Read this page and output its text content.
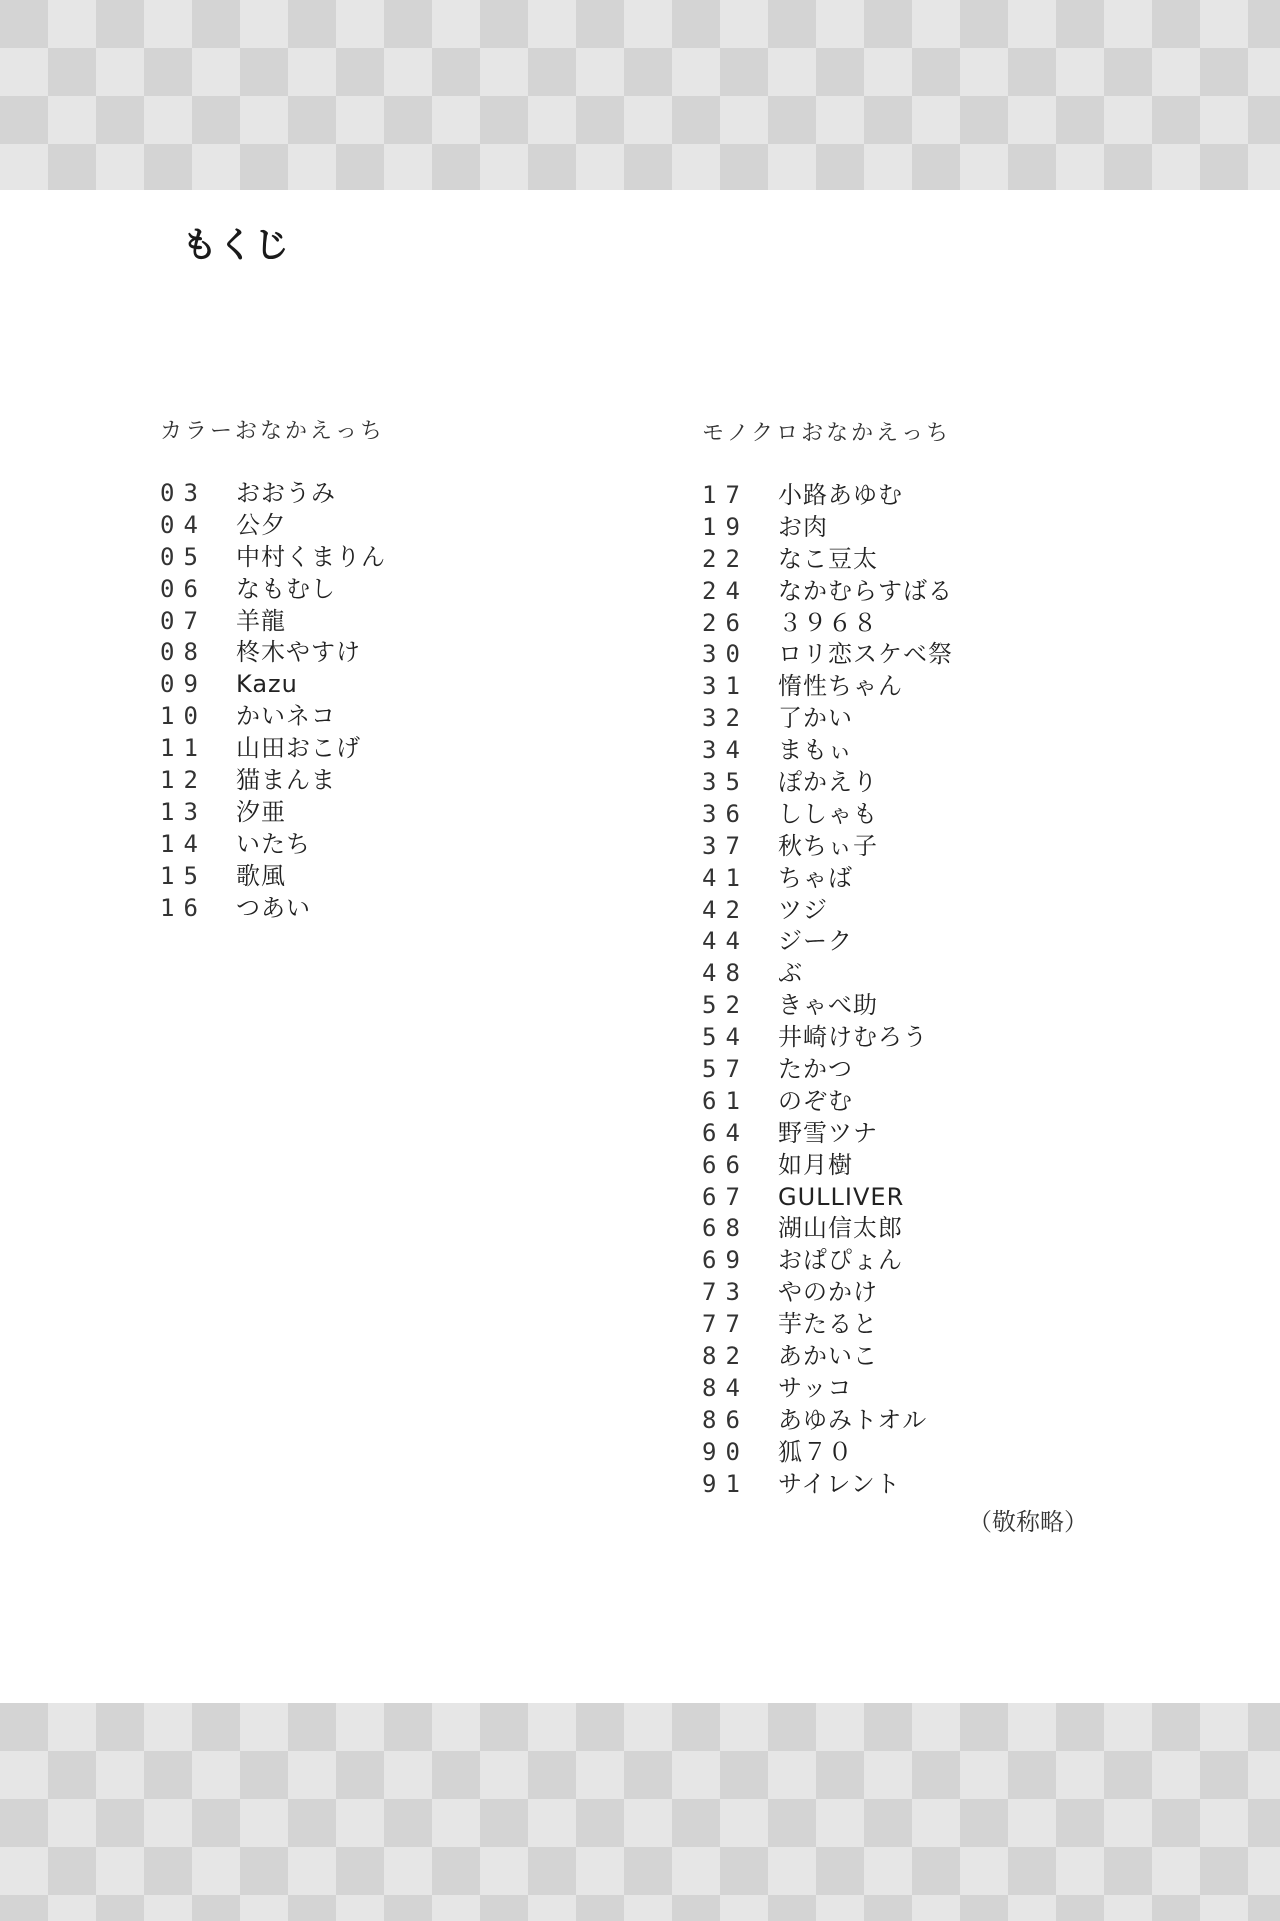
もくじ
カラーおなかえっち
03 おおうみ
04 公夕
05 中村くまりん
06 なもむし
07 羊龍
08 柊木やすけ
09 Kazu
10 かいネコ
11 山田おこげ
12 猫まんま
13 汐亜
14 いたち
15 歌風
16 つあい
モノクロおなかえっち
17 小路あゆむ
19 お肉
22 なこ豆太
24 なかむらすばる
26 ３９６８
30 ロリ恋スケベ祭
31 惰性ちゃん
32 了かい
34 まもぃ
35 ぽかえり
36 ししゃも
37 秋ちぃ子
41 ちゃば
42 ツジ
44 ジーク
48 ぶ
52 きゃべ助
54 井崎けむろう
57 たかつ
61 のぞむ
64 野雪ツナ
66 如月樹
67 GULLIVER
68 湖山信太郎
69 おぱぴょん
73 やのかけ
77 芋たると
82 あかいこ
84 サッコ
86 あゆみトオル
90 狐７０
91 サイレント
（敬称略）
